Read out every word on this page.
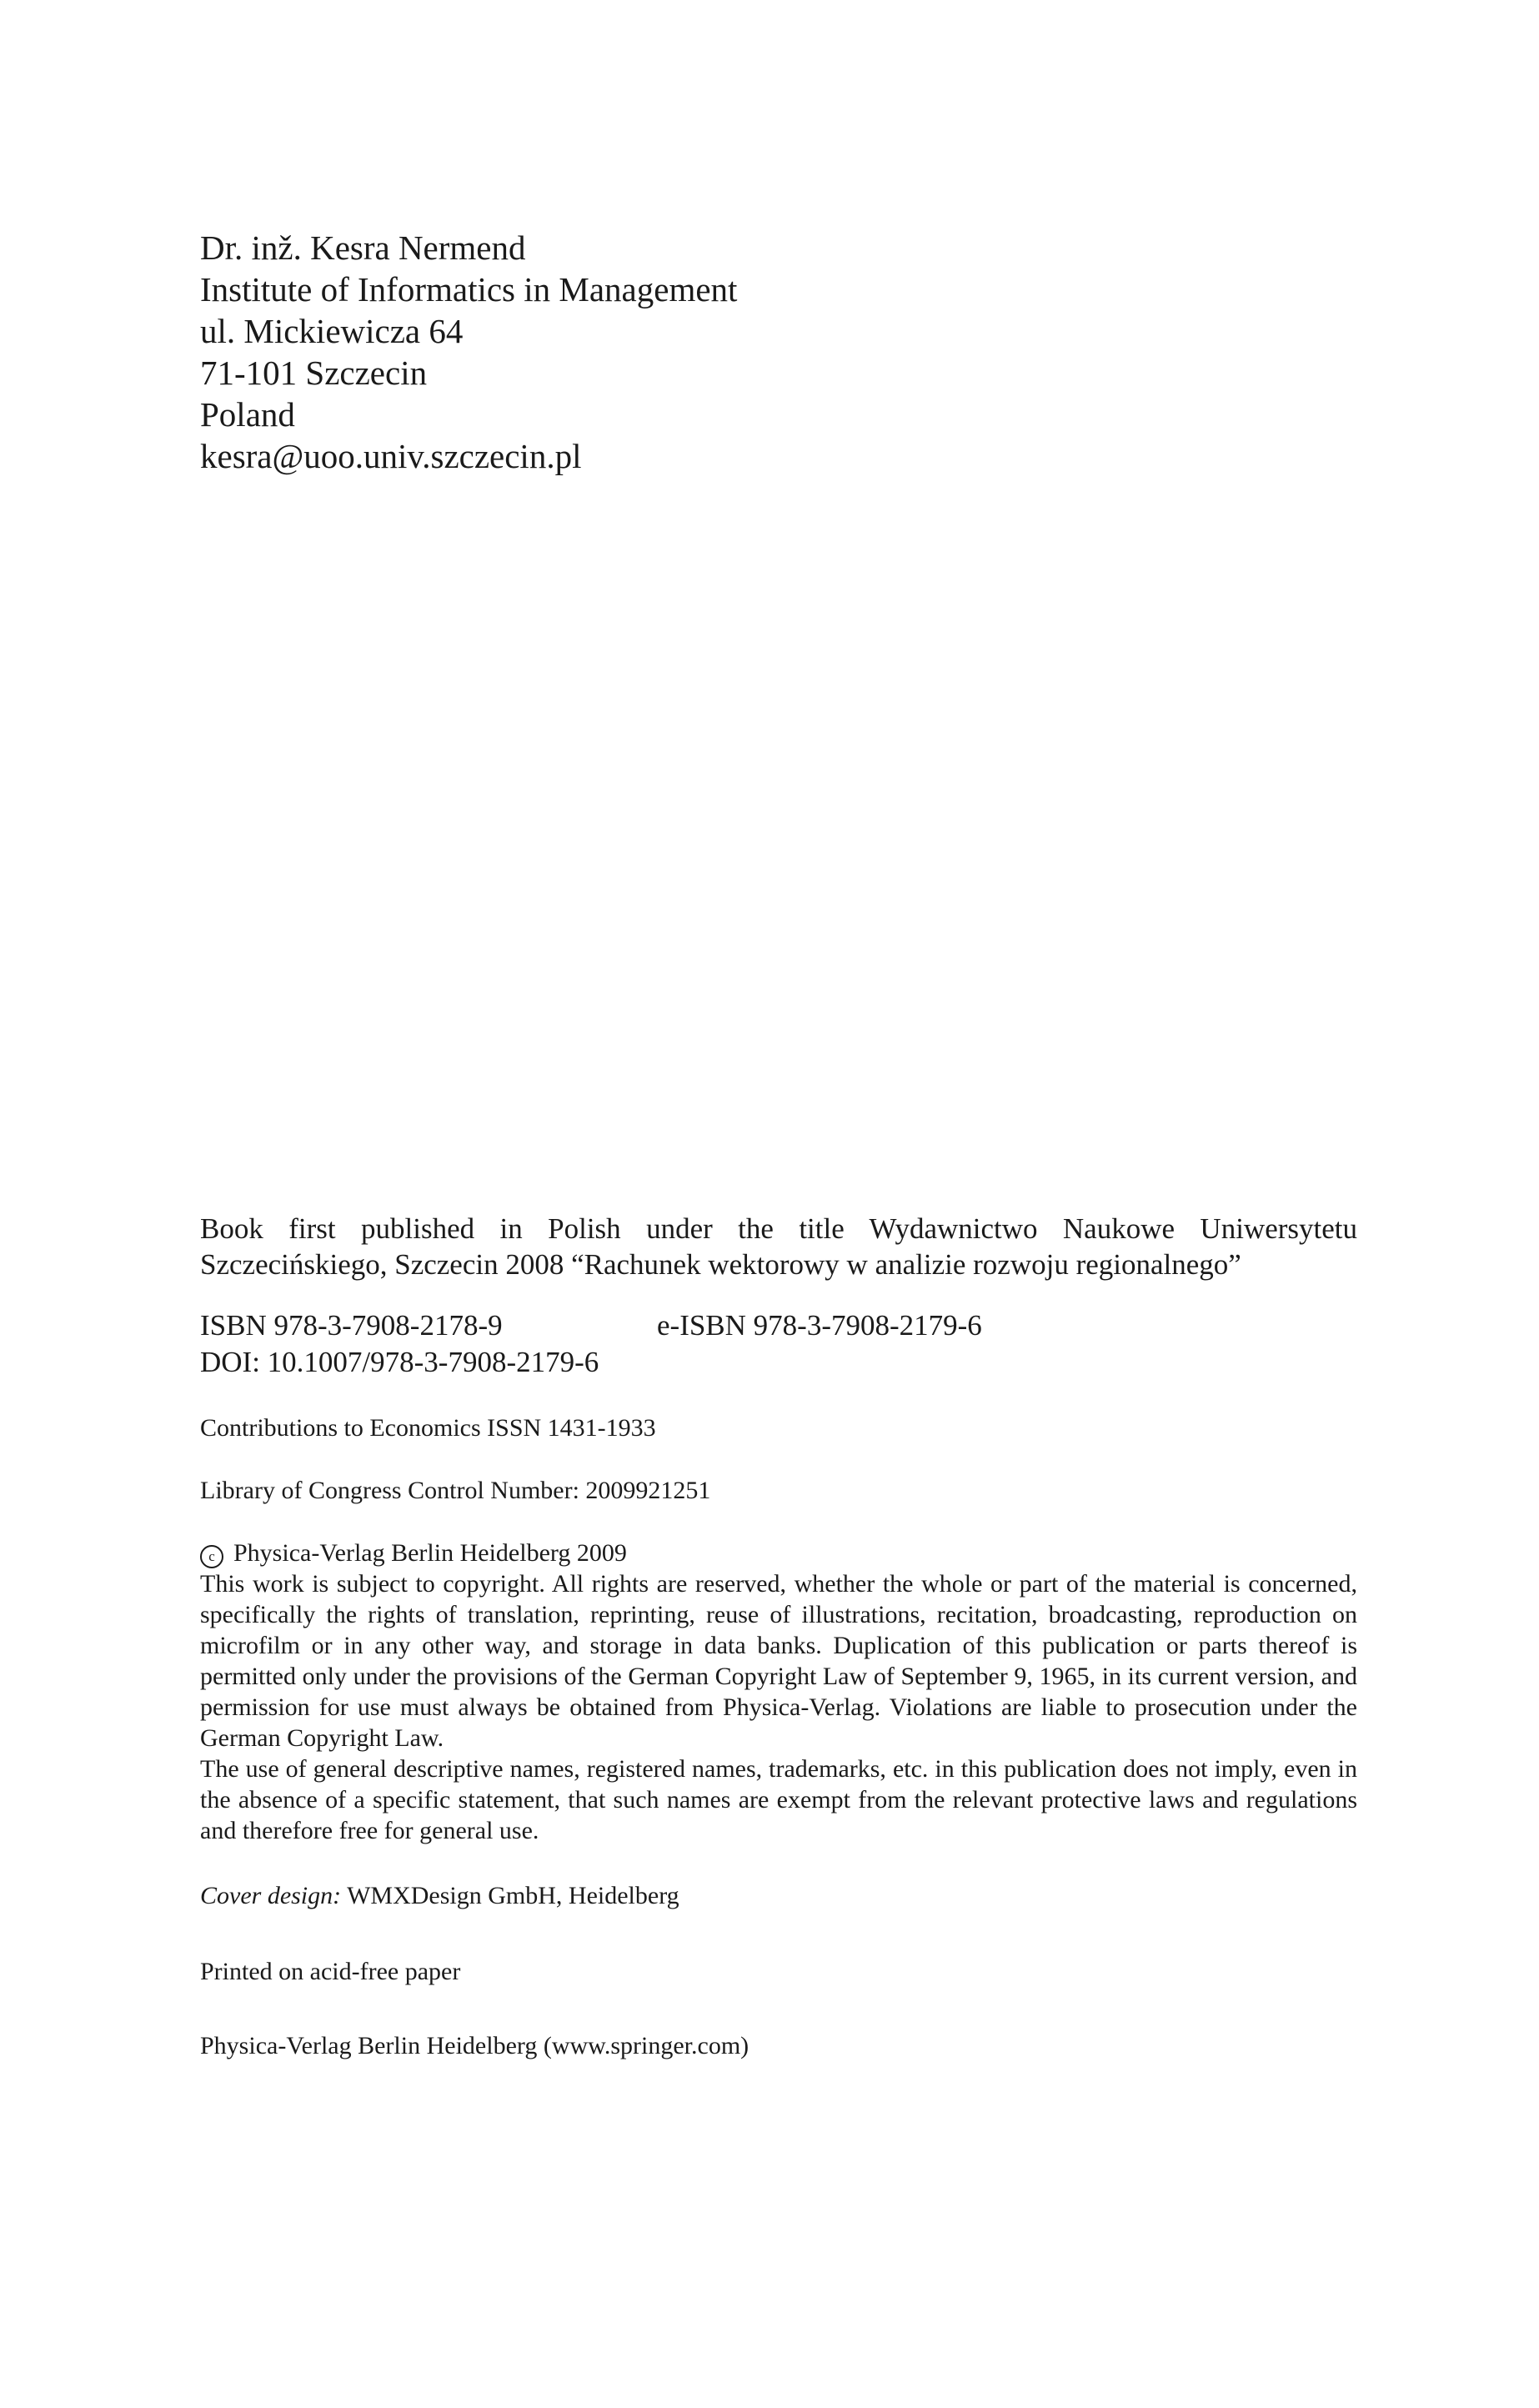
Dr. inž. Kesra Nermend
Institute of Informatics in Management
ul. Mickiewicza 64
71-101 Szczecin
Poland
kesra@uoo.univ.szczecin.pl
Book first published in Polish under the title Wydawnictwo Naukowe Uniwersytetu Szczecińskiego, Szczecin 2008 “Rachunek wektorowy w analizie rozwoju regionalnego”
ISBN 978-3-7908-2178-9	e-ISBN 978-3-7908-2179-6
DOI: 10.1007/978-3-7908-2179-6
Contributions to Economics ISSN 1431-1933
Library of Congress Control Number: 2009921251
c Physica-Verlag Berlin Heidelberg 2009
This work is subject to copyright. All rights are reserved, whether the whole or part of the material is concerned, specifically the rights of translation, reprinting, reuse of illustrations, recitation, broadcasting, reproduction on microfilm or in any other way, and storage in data banks. Duplication of this publication or parts thereof is permitted only under the provisions of the German Copyright Law of September 9, 1965, in its current version, and permission for use must always be obtained from Physica-Verlag. Violations are liable to prosecution under the German Copyright Law.
The use of general descriptive names, registered names, trademarks, etc. in this publication does not imply, even in the absence of a specific statement, that such names are exempt from the relevant protective laws and regulations and therefore free for general use.
Cover design: WMXDesign GmbH, Heidelberg
Printed on acid-free paper
Physica-Verlag Berlin Heidelberg (www.springer.com)
